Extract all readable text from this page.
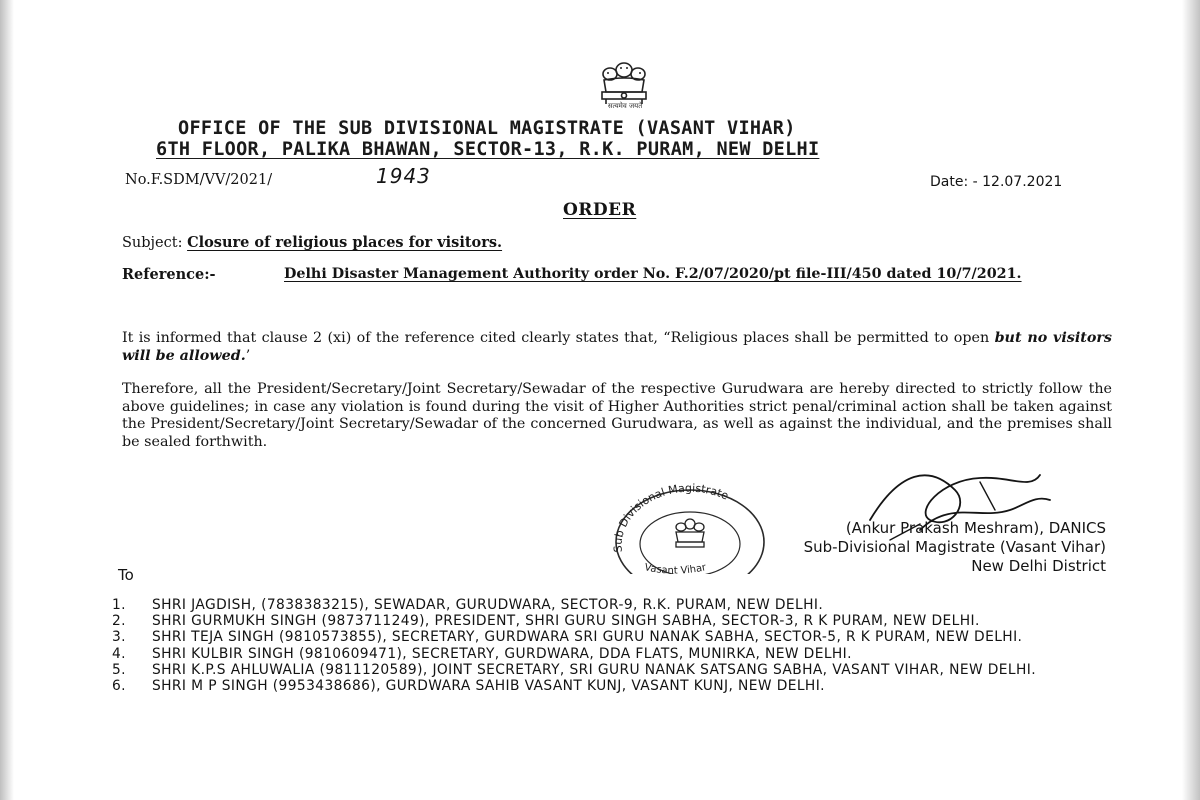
सत्यमेव जयते
OFFICE OF THE SUB DIVISIONAL MAGISTRATE (VASANT VIHAR)
6TH FLOOR, PALIKA BHAWAN, SECTOR-13, R.K. PURAM, NEW DELHI
No.F.SDM/VV/2021/	1943	Date: - 12.07.2021
ORDER
Subject: Closure of religious places for visitors.
Reference:-	Delhi Disaster Management Authority order No. F.2/07/2020/pt file-III/450 dated 10/7/2021.
It is informed that clause 2 (xi) of the reference cited clearly states that, “Religious places shall be permitted to open but no visitors will be allowed.’
Therefore, all the President/Secretary/Joint Secretary/Sewadar of the respective Gurudwara are hereby directed to strictly follow the above guidelines; in case any violation is found during the visit of Higher Authorities strict penal/criminal action shall be taken against the President/Secretary/Joint Secretary/Sewadar of the concerned Gurudwara, as well as against the individual, and the premises shall be sealed forthwith.
Sub Divisional Magistrate
Vasant Vihar
(Ankur Prakash Meshram), DANICS
Sub-Divisional Magistrate (Vasant Vihar)
New Delhi District
To
1.	SHRI JAGDISH, (7838383215), SEWADAR, GURUDWARA, SECTOR-9, R.K. PURAM, NEW DELHI.
2.	SHRI GURMUKH SINGH (9873711249), PRESIDENT, SHRI GURU SINGH SABHA, SECTOR-3, R K PURAM, NEW DELHI.
3.	SHRI TEJA SINGH (9810573855), SECRETARY, GURDWARA SRI GURU NANAK SABHA, SECTOR-5, R K PURAM, NEW DELHI.
4.	SHRI KULBIR SINGH (9810609471), SECRETARY, GURDWARA, DDA FLATS, MUNIRKA, NEW DELHI.
5.	SHRI K.P.S AHLUWALIA (9811120589), JOINT SECRETARY, SRI GURU NANAK SATSANG SABHA, VASANT VIHAR, NEW DELHI.
6.	SHRI M P SINGH (9953438686), GURDWARA SAHIB VASANT KUNJ, VASANT KUNJ, NEW DELHI.
